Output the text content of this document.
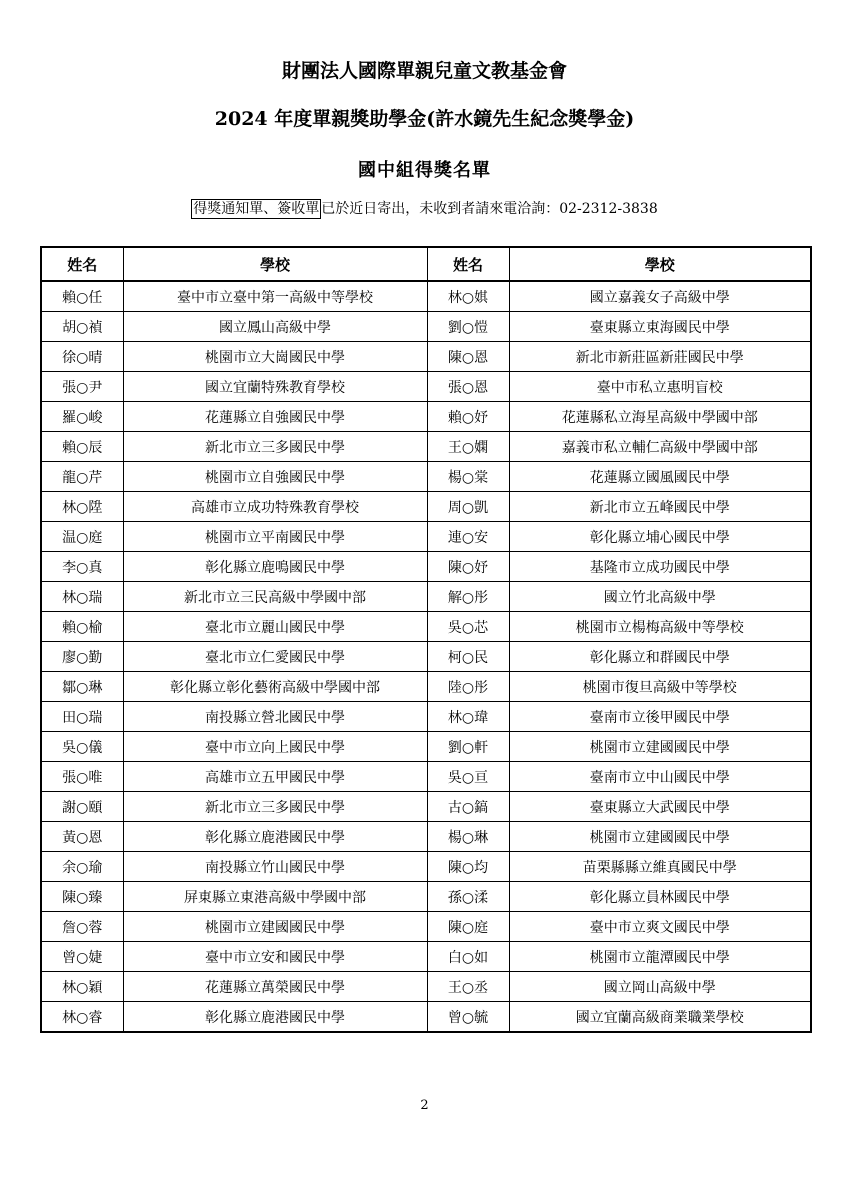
財團法人國際單親兒童文教基金會
2024 年度單親獎助學金(許水鏡先生紀念獎學金)
國中組得獎名單
得獎通知單、簽收單 已於近日寄出，未收到者請來電洽詢：02-2312-3838
姓名	學校	姓名	學校
賴○任	臺中市立臺中第一高級中等學校	林○娸	國立嘉義女子高級中學
胡○禎	國立鳳山高級中學	劉○愷	臺東縣立東海國民中學
徐○晴	桃園市立大崗國民中學	陳○恩	新北市新莊區新莊國民中學
張○尹	國立宜蘭特殊教育學校	張○恩	臺中市私立惠明盲校
羅○峻	花蓮縣立自強國民中學	賴○妤	花蓮縣私立海星高級中學國中部
賴○辰	新北市立三多國民中學	王○嫻	嘉義市私立輔仁高級中學國中部
龍○芹	桃園市立自強國民中學	楊○棠	花蓮縣立國風國民中學
林○陞	高雄市立成功特殊教育學校	周○凱	新北市立五峰國民中學
温○庭	桃園市立平南國民中學	連○安	彰化縣立埔心國民中學
李○真	彰化縣立鹿鳴國民中學	陳○妤	基隆市立成功國民中學
林○瑞	新北市立三民高級中學國中部	解○彤	國立竹北高級中學
賴○榆	臺北市立麗山國民中學	吳○芯	桃園市立楊梅高級中等學校
廖○勤	臺北市立仁愛國民中學	柯○民	彰化縣立和群國民中學
鄒○琳	彰化縣立彰化藝術高級中學國中部	陸○彤	桃園市復旦高級中等學校
田○瑞	南投縣立營北國民中學	林○瑋	臺南市立後甲國民中學
吳○儀	臺中市立向上國民中學	劉○軒	桃園市立建國國民中學
張○唯	高雄市立五甲國民中學	吳○亘	臺南市立中山國民中學
謝○頤	新北市立三多國民中學	古○鎬	臺東縣立大武國民中學
黃○恩	彰化縣立鹿港國民中學	楊○琳	桃園市立建國國民中學
余○瑜	南投縣立竹山國民中學	陳○均	苗栗縣縣立維真國民中學
陳○臻	屏東縣立東港高級中學國中部	孫○渘	彰化縣立員林國民中學
詹○蓉	桃園市立建國國民中學	陳○庭	臺中市立爽文國民中學
曾○婕	臺中市立安和國民中學	白○如	桃園市立龍潭國民中學
林○穎	花蓮縣立萬榮國民中學	王○丞	國立岡山高級中學
林○睿	彰化縣立鹿港國民中學	曾○毓	國立宜蘭高級商業職業學校
2
